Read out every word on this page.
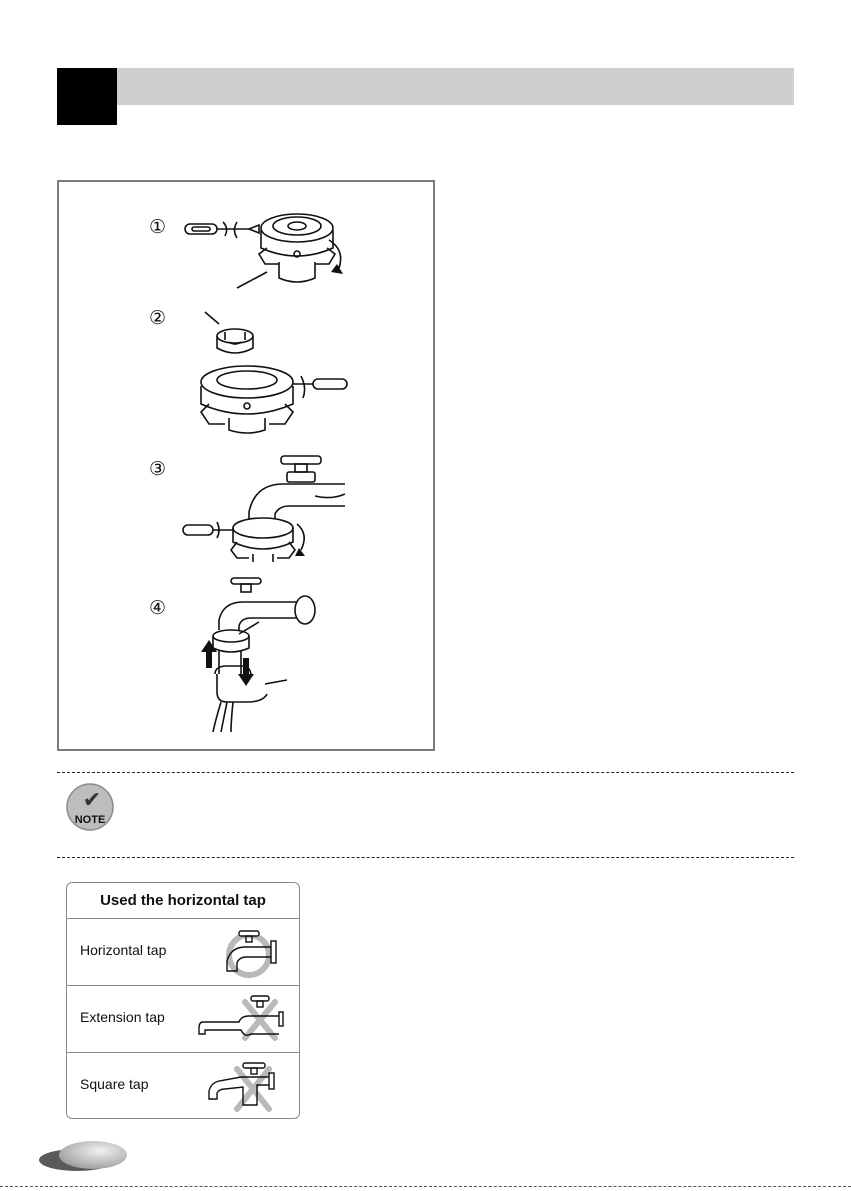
①
②
③
④
✔
NOTE
Used the horizontal tap
Horizontal tap
Extension tap
Square tap
